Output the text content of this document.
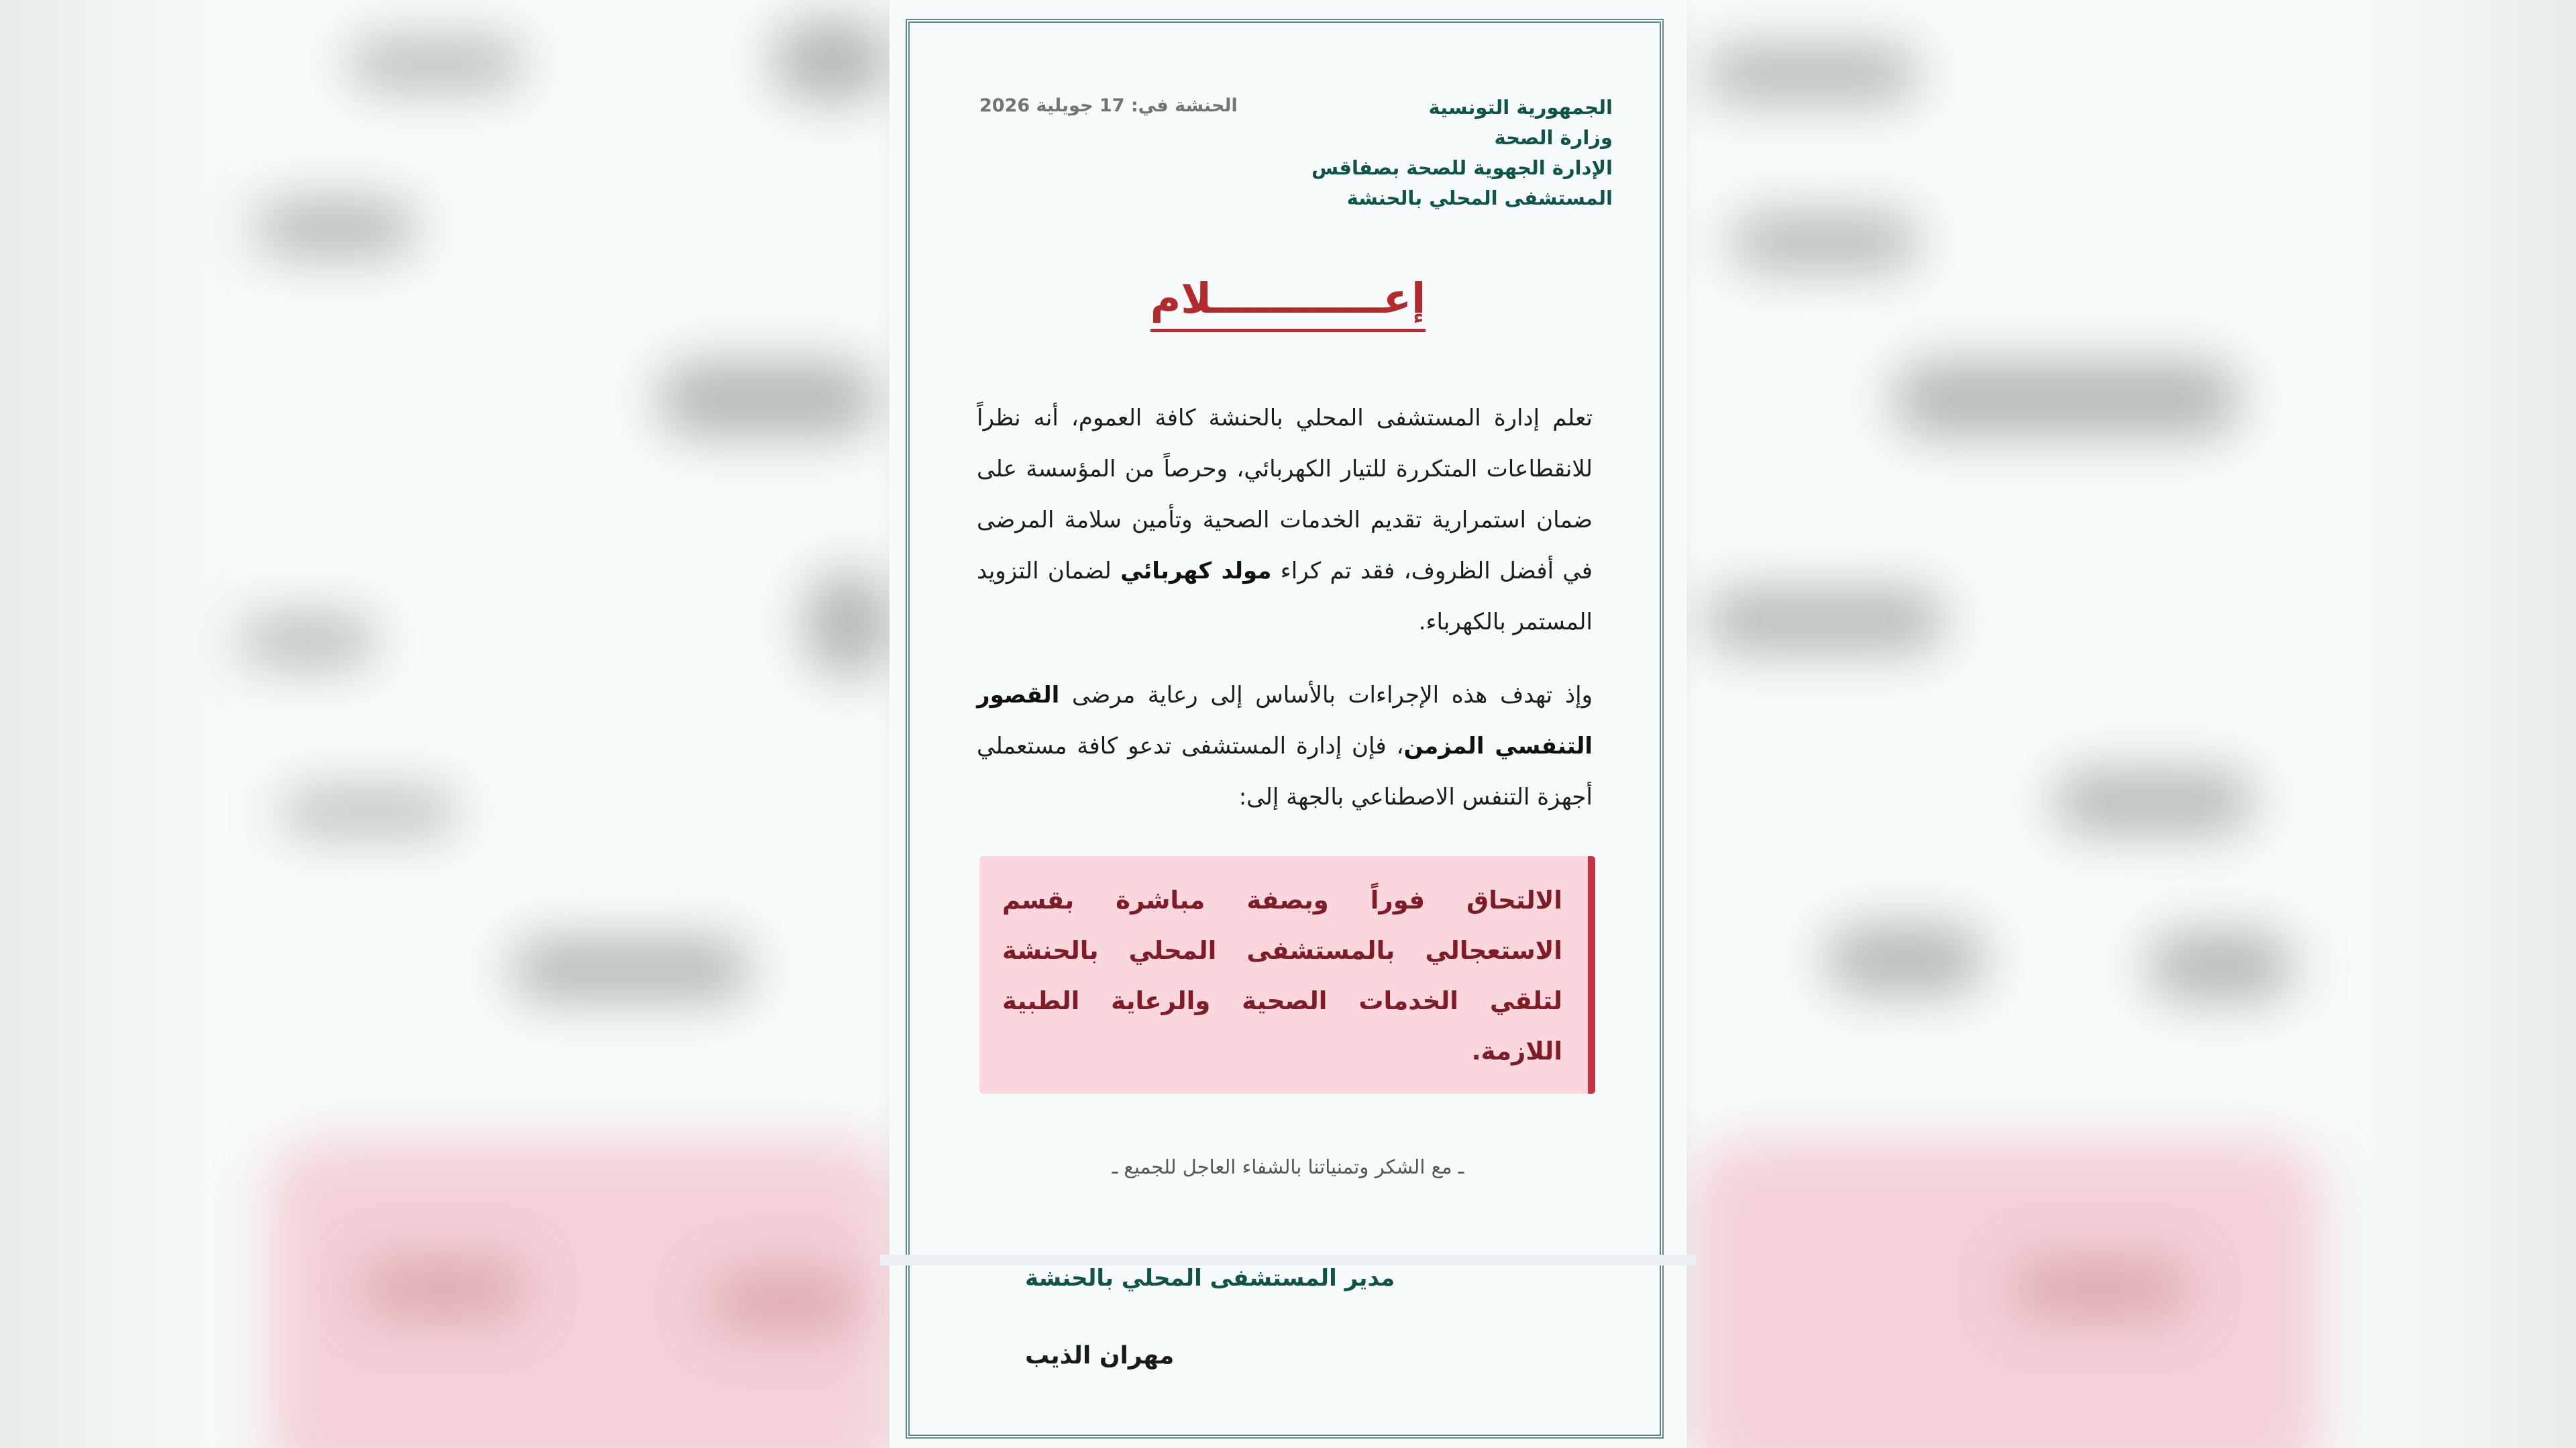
الجمهورية التونسية
وزارة الصحة
الإدارة الجهوية للصحة بصفاقس
المستشفى المحلي بالحنشة
الحنشة في: 17 جويلية 2026
إعــــــــــــلام
تعلم إدارة المستشفى المحلي بالحنشة كافة العموم، أنه نظراً للانقطاعات المتكررة للتيار الكهربائي، وحرصاً من المؤسسة على ضمان استمرارية تقديم الخدمات الصحية وتأمين سلامة المرضى في أفضل الظروف، فقد تم كراء مولد كهربائي لضمان التزويد المستمر بالكهرباء.
وإذ تهدف هذه الإجراءات بالأساس إلى رعاية مرضى القصور التنفسي المزمن، فإن إدارة المستشفى تدعو كافة مستعملي أجهزة التنفس الاصطناعي بالجهة إلى:
الالتحاق فوراً وبصفة مباشرة بقسم الاستعجالي بالمستشفى المحلي بالحنشة لتلقي الخدمات الصحية والرعاية الطبية اللازمة.
ـ مع الشكر وتمنياتنا بالشفاء العاجل للجميع ـ
مدير المستشفى المحلي بالحنشة
مهران الذيب
